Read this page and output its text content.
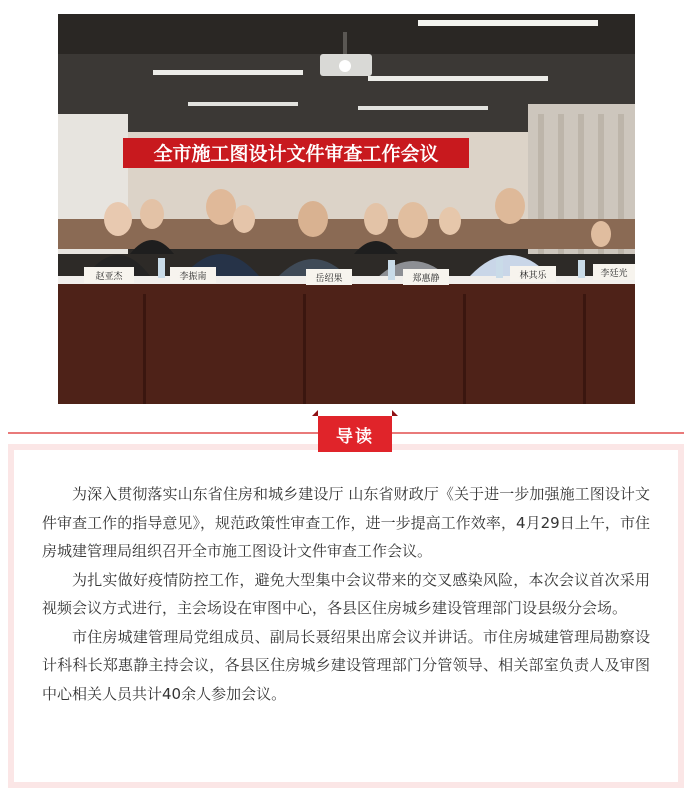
全市施工图设计文件审查工作会议
赵亚杰	李振南	岳绍果	郑惠静	林其乐	李廷光
导读

为深入贯彻落实山东省住房和城乡建设厅 山东省财政厅《关于进一步加强施工图设计文件审查工作的指导意见》，规范政策性审查工作，进一步提高工作效率，4月29日上午，市住房城建管理局组织召开全市施工图设计文件审查工作会议。

为扎实做好疫情防控工作，避免大型集中会议带来的交叉感染风险，本次会议首次采用视频会议方式进行，主会场设在审图中心，各县区住房城乡建设管理部门设县级分会场。

市住房城建管理局党组成员、副局长聂绍果出席会议并讲话。市住房城建管理局勘察设计科科长郑惠静主持会议，各县区住房城乡建设管理部门分管领导、相关部室负责人及审图中心相关人员共计40余人参加会议。
